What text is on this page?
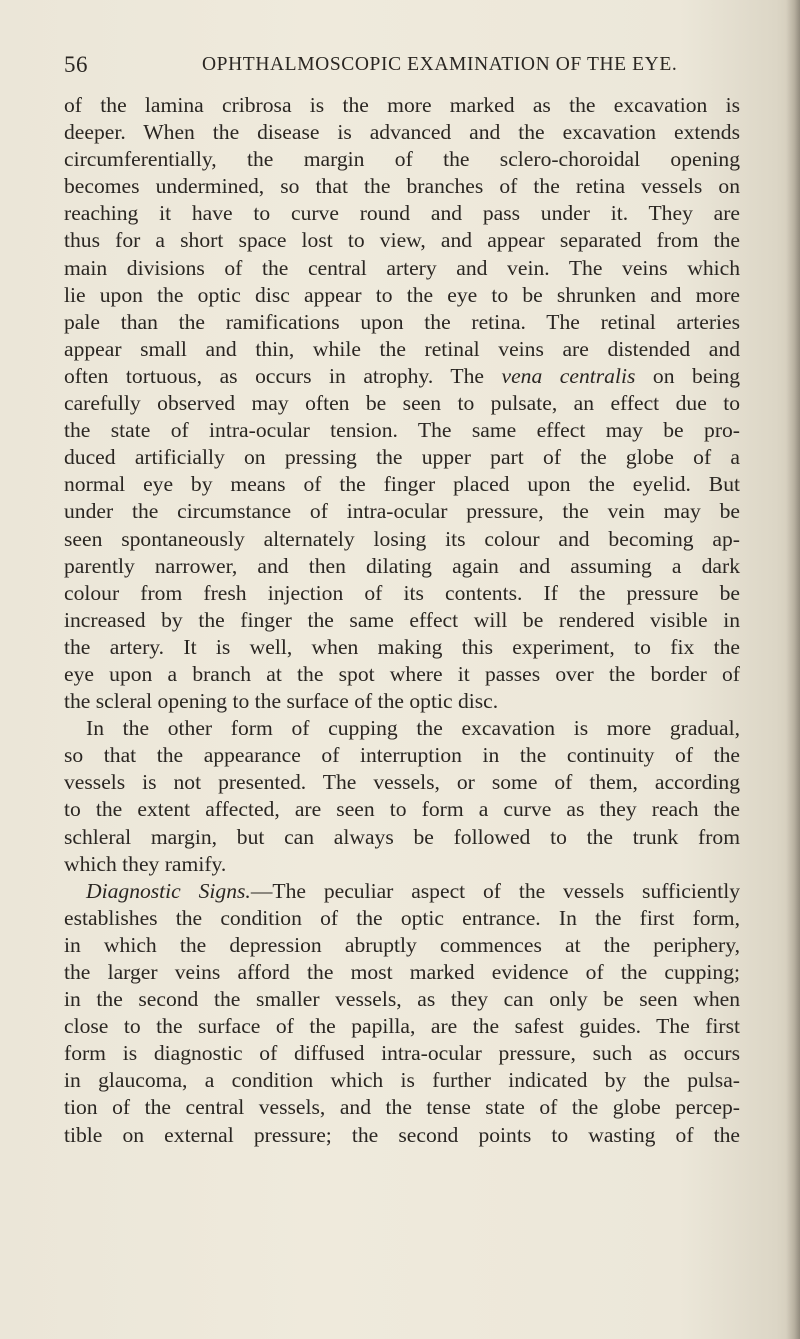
56	OPHTHALMOSCOPIC EXAMINATION OF THE EYE.
of the lamina cribrosa is the more marked as the excavation is
deeper. When the disease is advanced and the excavation extends
circumferentially, the margin of the sclero-choroidal opening
becomes undermined, so that the branches of the retina vessels on
reaching it have to curve round and pass under it. They are
thus for a short space lost to view, and appear separated from the
main divisions of the central artery and vein. The veins which
lie upon the optic disc appear to the eye to be shrunken and more
pale than the ramifications upon the retina. The retinal arteries
appear small and thin, while the retinal veins are distended and
often tortuous, as occurs in atrophy. The vena centralis on being
carefully observed may often be seen to pulsate, an effect due to
the state of intra-ocular tension. The same effect may be pro-
duced artificially on pressing the upper part of the globe of a
normal eye by means of the finger placed upon the eyelid. But
under the circumstance of intra-ocular pressure, the vein may be
seen spontaneously alternately losing its colour and becoming ap-
parently narrower, and then dilating again and assuming a dark
colour from fresh injection of its contents. If the pressure be
increased by the finger the same effect will be rendered visible in
the artery. It is well, when making this experiment, to fix the
eye upon a branch at the spot where it passes over the border of
the scleral opening to the surface of the optic disc.
In the other form of cupping the excavation is more gradual,
so that the appearance of interruption in the continuity of the
vessels is not presented. The vessels, or some of them, according
to the extent affected, are seen to form a curve as they reach the
schleral margin, but can always be followed to the trunk from
which they ramify.
Diagnostic Signs.—The peculiar aspect of the vessels sufficiently
establishes the condition of the optic entrance. In the first form,
in which the depression abruptly commences at the periphery,
the larger veins afford the most marked evidence of the cupping;
in the second the smaller vessels, as they can only be seen when
close to the surface of the papilla, are the safest guides. The first
form is diagnostic of diffused intra-ocular pressure, such as occurs
in glaucoma, a condition which is further indicated by the pulsa-
tion of the central vessels, and the tense state of the globe percep-
tible on external pressure; the second points to wasting of the
